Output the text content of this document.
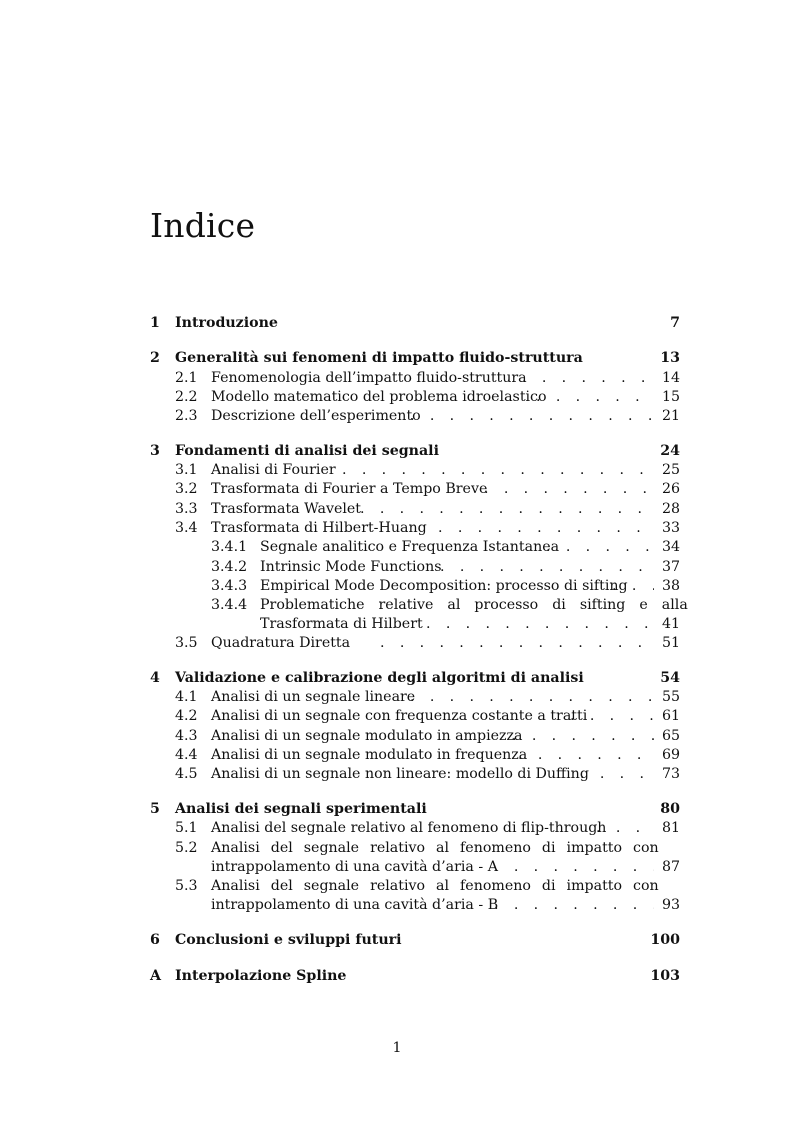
Indice
1 Introduzione	7
2 Generalità sui fenomeni di impatto fluido-struttura	13
2.1 Fenomenologia dell’impatto fluido-struttura . . .	14
2.2 Modello matematico del problema idroelastico . . .	15
2.3 Descrizione dell’esperimento . . .	21
3 Fondamenti di analisi dei segnali	24
3.1 Analisi di Fourier . . .	25
3.2 Trasformata di Fourier a Tempo Breve . . .	26
3.3 Trasformata Wavelet . . .	28
3.4 Trasformata di Hilbert-Huang . . .	33
3.4.1 Segnale analitico e Frequenza Istantanea . . .	34
3.4.2 Intrinsic Mode Functions . . .	37
3.4.3 Empirical Mode Decomposition: processo di sifting . . . 38
3.4.4 Problematiche relative al processo di sifting e alla
Trasformata di Hilbert . . .	41
3.5 Quadratura Diretta . . .	51
4 Validazione e calibrazione degli algoritmi di analisi	54
4.1 Analisi di un segnale lineare . . .	55
4.2 Analisi di un segnale con frequenza costante a tratti . . .	61
4.3 Analisi di un segnale modulato in ampiezza . . .	65
4.4 Analisi di un segnale modulato in frequenza . . .	69
4.5 Analisi di un segnale non lineare: modello di Duffing . . .	73
5 Analisi dei segnali sperimentali	80
5.1 Analisi del segnale relativo al fenomeno di flip-through . . .	81
5.2 Analisi del segnale relativo al fenomeno di impatto con
intrappolamento di una cavità d’aria - A . . .	87
5.3 Analisi del segnale relativo al fenomeno di impatto con
intrappolamento di una cavità d’aria - B . . .	93
6 Conclusioni e sviluppi futuri	100
A Interpolazione Spline	103
1
